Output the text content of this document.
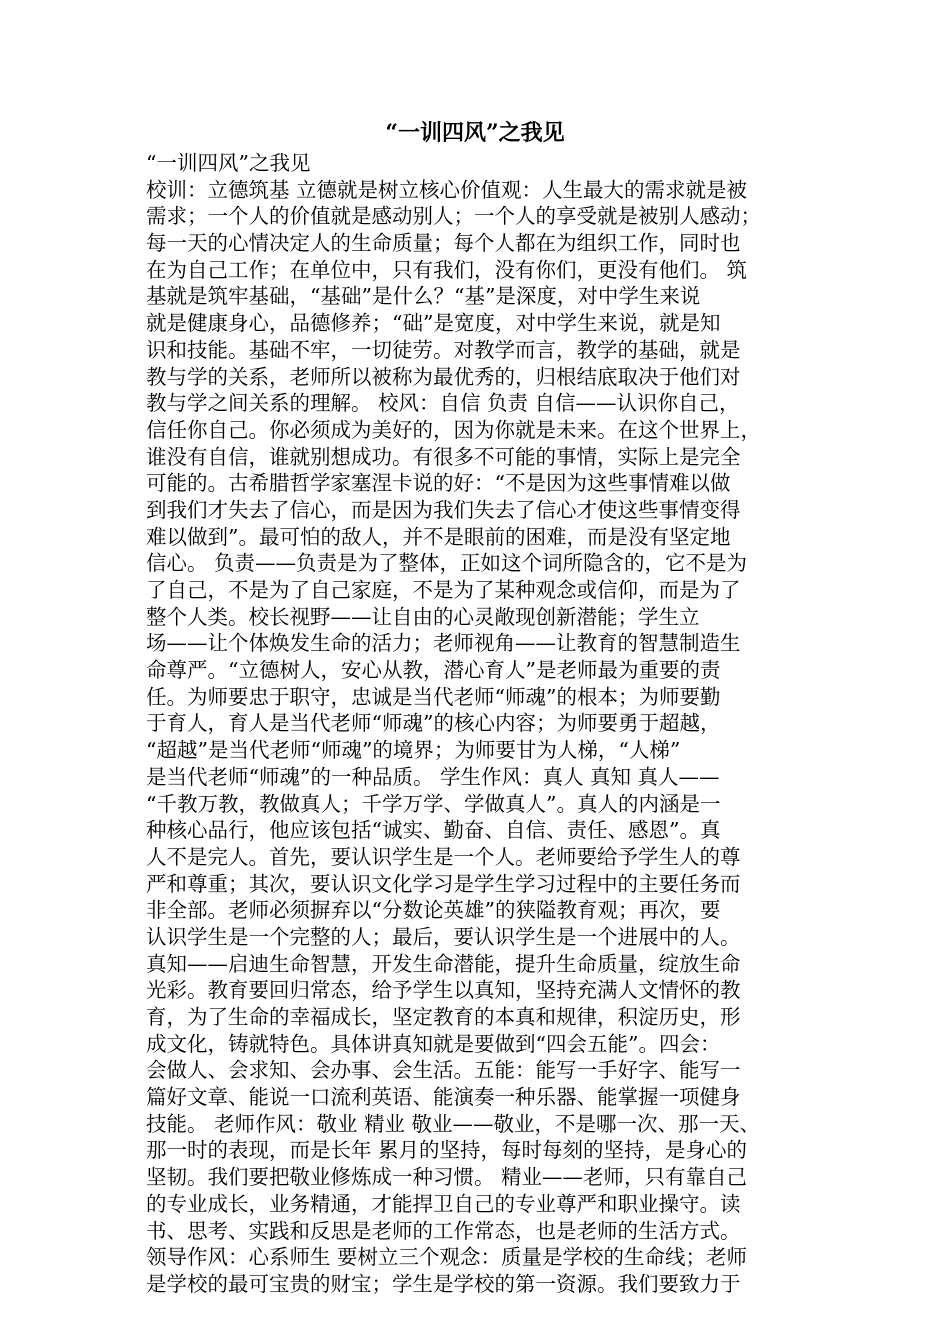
“一训四风”之我见
“一训四风”之我见
校训：立德筑基 立德就是树立核心价值观：人生最大的需求就是被
需求；一个人的价值就是感动别人；一个人的享受就是被别人感动；
每一天的心情决定人的生命质量；每个人都在为组织工作，同时也
在为自己工作；在单位中，只有我们，没有你们，更没有他们。 筑
基就是筑牢基础，“基础”是什么？“基”是深度，对中学生来说
就是健康身心，品德修养；“础”是宽度，对中学生来说，就是知
识和技能。基础不牢，一切徒劳。对教学而言，教学的基础，就是
教与学的关系，老师所以被称为最优秀的，归根结底取决于他们对
教与学之间关系的理解。 校风：自信 负责 自信——认识你自己，
信任你自己。你必须成为美好的，因为你就是未来。在这个世界上，
谁没有自信，谁就别想成功。有很多不可能的事情，实际上是完全
可能的。古希腊哲学家塞涅卡说的好：“不是因为这些事情难以做
到我们才失去了信心，而是因为我们失去了信心才使这些事情变得
难以做到”。最可怕的敌人，并不是眼前的困难，而是没有坚定地
信心。 负责——负责是为了整体，正如这个词所隐含的，它不是为
了自己，不是为了自己家庭，不是为了某种观念或信仰，而是为了
整个人类。校长视野——让自由的心灵敞现创新潜能；学生立
场——让个体焕发生命的活力；老师视角——让教育的智慧制造生
命尊严。“立德树人，安心从教，潜心育人”是老师最为重要的责
任。为师要忠于职守，忠诚是当代老师“师魂”的根本；为师要勤
于育人，育人是当代老师“师魂”的核心内容；为师要勇于超越，
“超越”是当代老师“师魂”的境界；为师要甘为人梯，“人梯”
是当代老师“师魂”的一种品质。 学生作风：真人 真知 真人——
“千教万教，教做真人；千学万学、学做真人”。真人的内涵是一
种核心品行，他应该包括“诚实、勤奋、自信、责任、感恩”。真
人不是完人。首先，要认识学生是一个人。老师要给予学生人的尊
严和尊重；其次，要认识文化学习是学生学习过程中的主要任务而
非全部。老师必须摒弃以“分数论英雄”的狭隘教育观；再次，要
认识学生是一个完整的人；最后，要认识学生是一个进展中的人。
真知——启迪生命智慧，开发生命潜能，提升生命质量，绽放生命
光彩。教育要回归常态，给予学生以真知，坚持充满人文情怀的教
育，为了生命的幸福成长，坚定教育的本真和规律，积淀历史，形
成文化，铸就特色。具体讲真知就是要做到“四会五能”。四会：
会做人、会求知、会办事、会生活。五能：能写一手好字、能写一
篇好文章、能说一口流利英语、能演奏一种乐器、能掌握一项健身
技能。 老师作风：敬业 精业 敬业——敬业，不是哪一次、那一天、
那一时的表现，而是长年 累月的坚持，每时每刻的坚持，是身心的
坚韧。我们要把敬业修炼成一种习惯。 精业——老师，只有靠自己
的专业成长，业务精通，才能捍卫自己的专业尊严和职业操守。读
书、思考、实践和反思是老师的工作常态，也是老师的生活方式。
领导作风：心系师生 要树立三个观念：质量是学校的生命线；老师
是学校的最可宝贵的财宝；学生是学校的第一资源。我们要致力于
